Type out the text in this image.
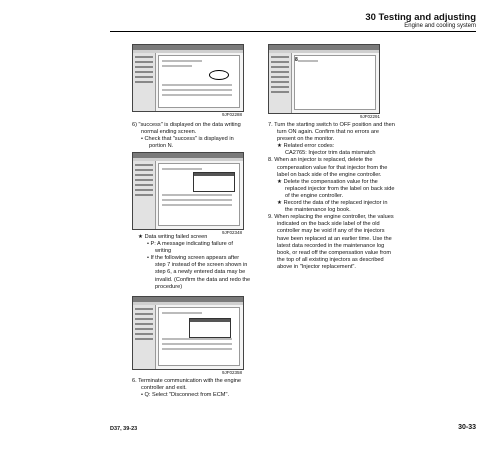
30 Testing and adjusting
Engine and cooling system
9JF02288
8
9JF02291
9JF02348
9JF02358

6) "success" is displayed on the data writing

normal ending screen.

• Check that "success" is displayed in

portion N.

★ Data writing failed screen

• P: A message indicating failure of

writing

• If the following screen appears after

step 7 instead of the screen shown in

step 6, a newly entered data may be

invalid. (Confirm the data and redo the

procedure)

6. Terminate communication with the engine

controller and exit.

• Q: Select "Disconnect from ECM".

7. Turn the starting switch to OFF position and then

turn ON again. Confirm that no errors are

present on the monitor.

★ Related error codes:

CA2765: Injector trim data mismatch

8. When an injector is replaced, delete the

compensation value for that injector from the

label on back side of the engine controller.

★ Delete the compensation value for the

replaced injector from the label on back side

of the engine controller.

★ Record the data of the replaced injector in

the maintenance log book.

9. When replacing the engine controller, the values

indicated on the back side label of the old

controller may be void if any of the injectors

have been replaced at an earlier time. Use the

latest data recorded in the maintenance log

book, or read off the compensation value from

the top of all existing injectors as described

above in "Injector replacement".

D37, 39-23	30-33
